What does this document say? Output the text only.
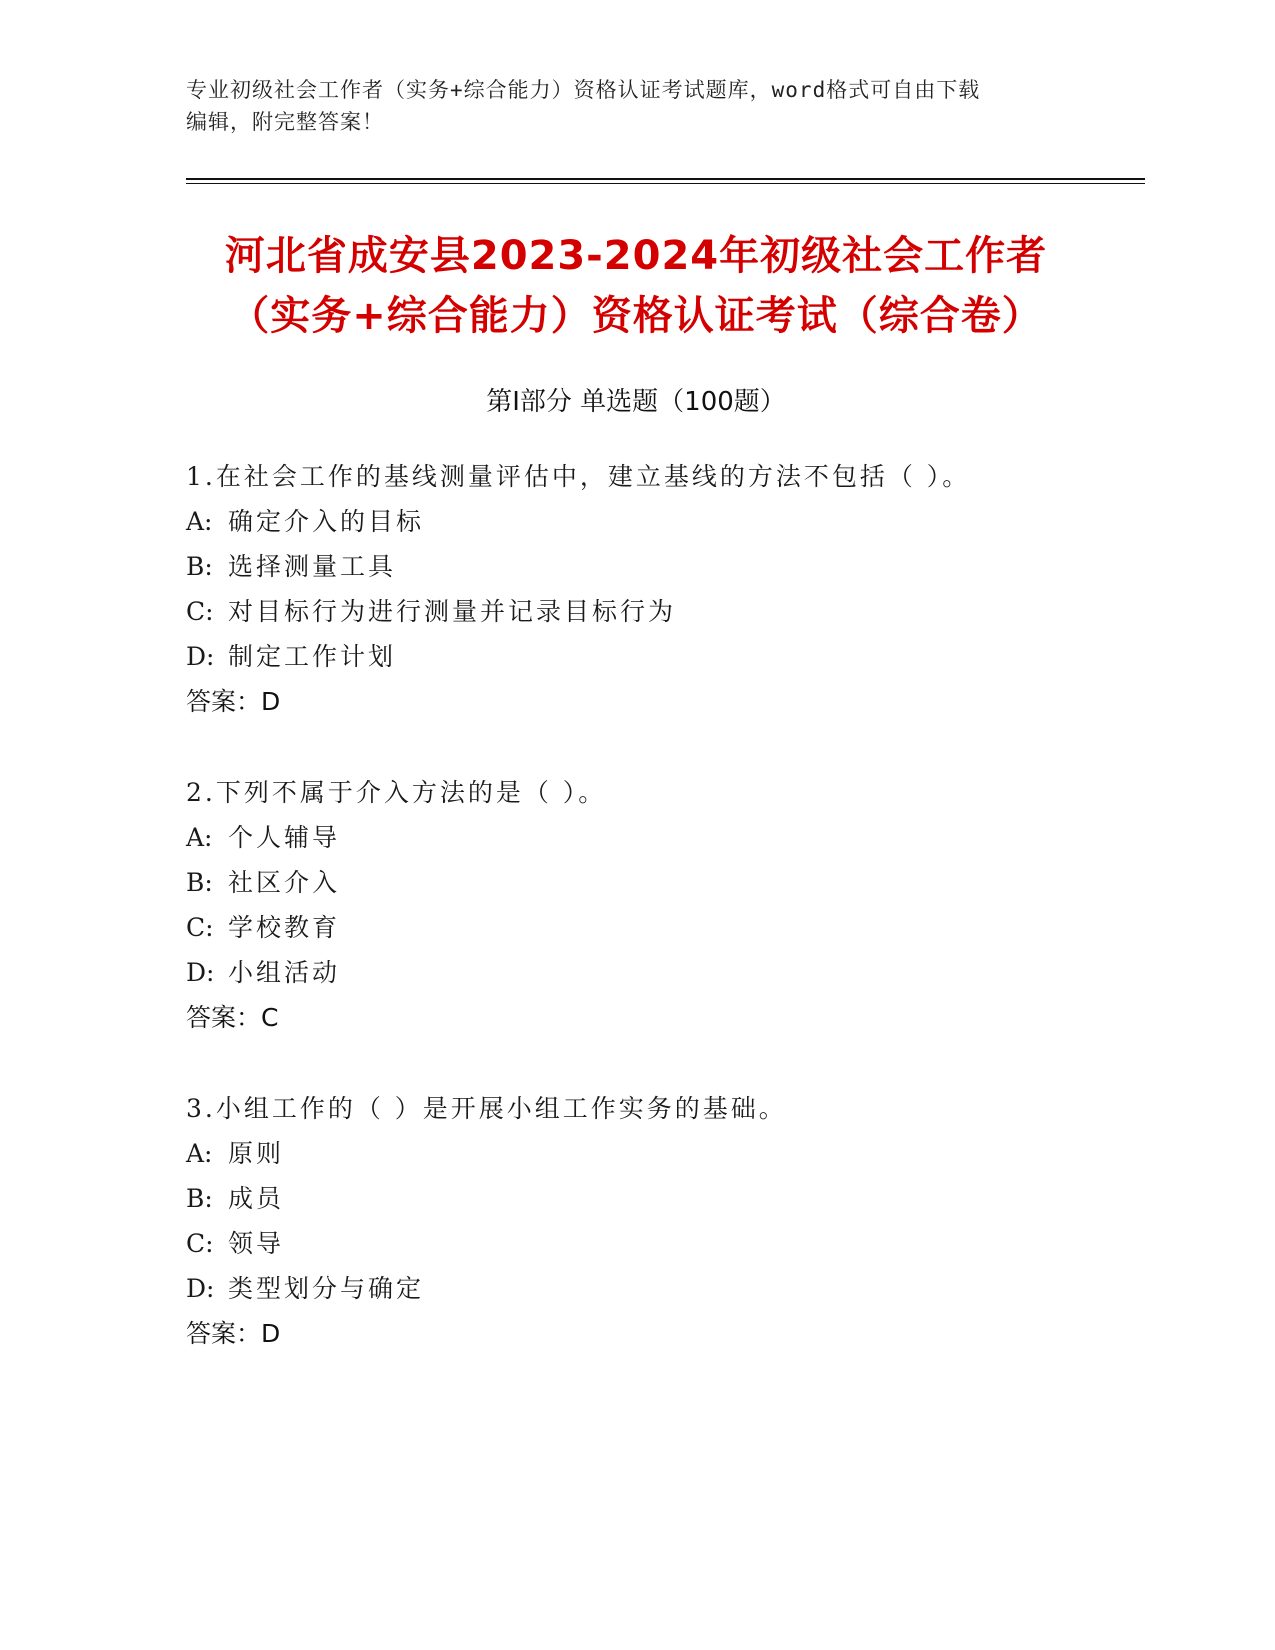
专业初级社会工作者（实务+综合能力）资格认证考试题库，word格式可自由下载
编辑，附完整答案！
河北省成安县2023-2024年初级社会工作者
（实务+综合能力）资格认证考试（综合卷）
第Ⅰ部分 单选题（100题）
1.在社会工作的基线测量评估中，建立基线的方法不包括（ ）。
A: 确定介入的目标
B: 选择测量工具
C: 对目标行为进行测量并记录目标行为
D: 制定工作计划
答案：D
2.下列不属于介入方法的是（ ）。
A: 个人辅导
B: 社区介入
C: 学校教育
D: 小组活动
答案：C
3.小组工作的（ ）是开展小组工作实务的基础。
A: 原则
B: 成员
C: 领导
D: 类型划分与确定
答案：D
